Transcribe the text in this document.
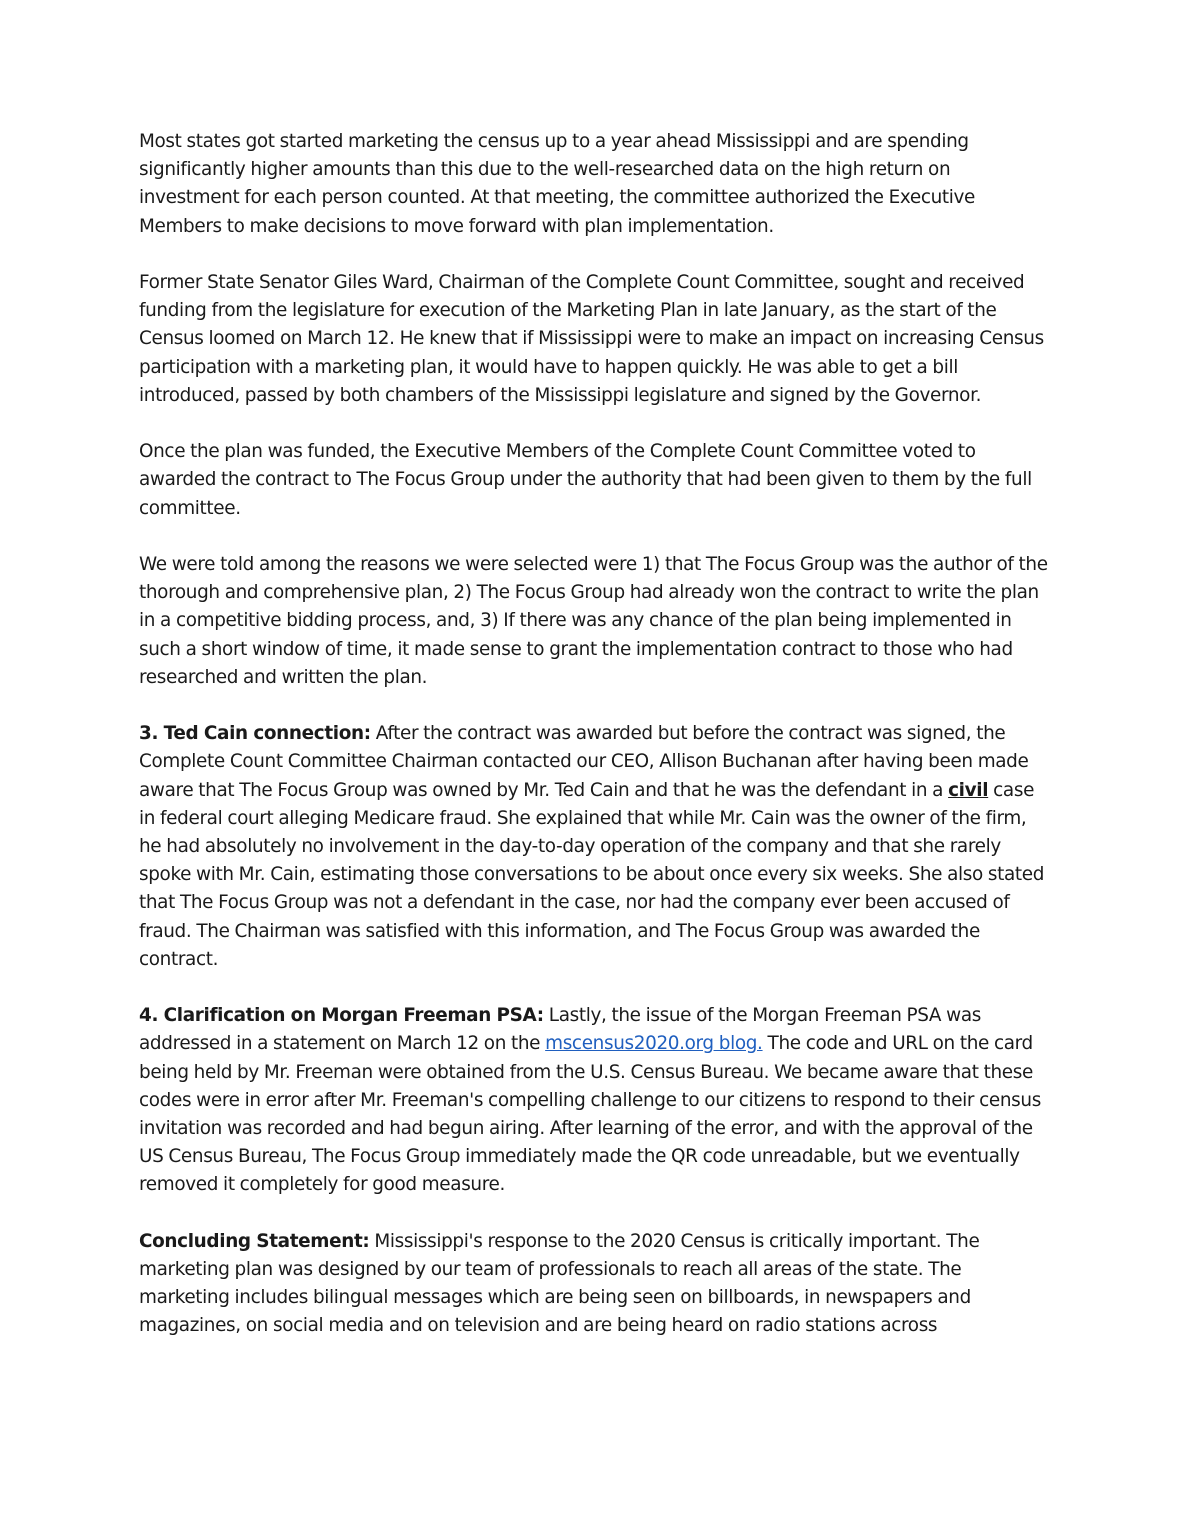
Most states got started marketing the census up to a year ahead Mississippi and are spending significantly higher amounts than this due to the well-researched data on the high return on investment for each person counted. At that meeting, the committee authorized the Executive Members to make decisions to move forward with plan implementation.

Former State Senator Giles Ward, Chairman of the Complete Count Committee, sought and received funding from the legislature for execution of the Marketing Plan in late January, as the start of the Census loomed on March 12. He knew that if Mississippi were to make an impact on increasing Census participation with a marketing plan, it would have to happen quickly. He was able to get a bill introduced, passed by both chambers of the Mississippi legislature and signed by the Governor.

Once the plan was funded, the Executive Members of the Complete Count Committee voted to awarded the contract to The Focus Group under the authority that had been given to them by the full committee.

We were told among the reasons we were selected were 1) that The Focus Group was the author of the thorough and comprehensive plan, 2) The Focus Group had already won the contract to write the plan in a competitive bidding process, and, 3) If there was any chance of the plan being implemented in such a short window of time, it made sense to grant the implementation contract to those who had researched and written the plan.

3. Ted Cain connection: After the contract was awarded but before the contract was signed, the Complete Count Committee Chairman contacted our CEO, Allison Buchanan after having been made aware that The Focus Group was owned by Mr. Ted Cain and that he was the defendant in a civil case in federal court alleging Medicare fraud. She explained that while Mr. Cain was the owner of the firm, he had absolutely no involvement in the day-to-day operation of the company and that she rarely spoke with Mr. Cain, estimating those conversations to be about once every six weeks. She also stated that The Focus Group was not a defendant in the case, nor had the company ever been accused of fraud. The Chairman was satisfied with this information, and The Focus Group was awarded the contract.

4. Clarification on Morgan Freeman PSA: Lastly, the issue of the Morgan Freeman PSA was addressed in a statement on March 12 on the mscensus2020.org blog. The code and URL on the card being held by Mr. Freeman were obtained from the U.S. Census Bureau. We became aware that these codes were in error after Mr. Freeman's compelling challenge to our citizens to respond to their census invitation was recorded and had begun airing. After learning of the error, and with the approval of the US Census Bureau, The Focus Group immediately made the QR code unreadable, but we eventually removed it completely for good measure.

Concluding Statement: Mississippi's response to the 2020 Census is critically important. The marketing plan was designed by our team of professionals to reach all areas of the state. The marketing includes bilingual messages which are being seen on billboards, in newspapers and magazines, on social media and on television and are being heard on radio stations across
